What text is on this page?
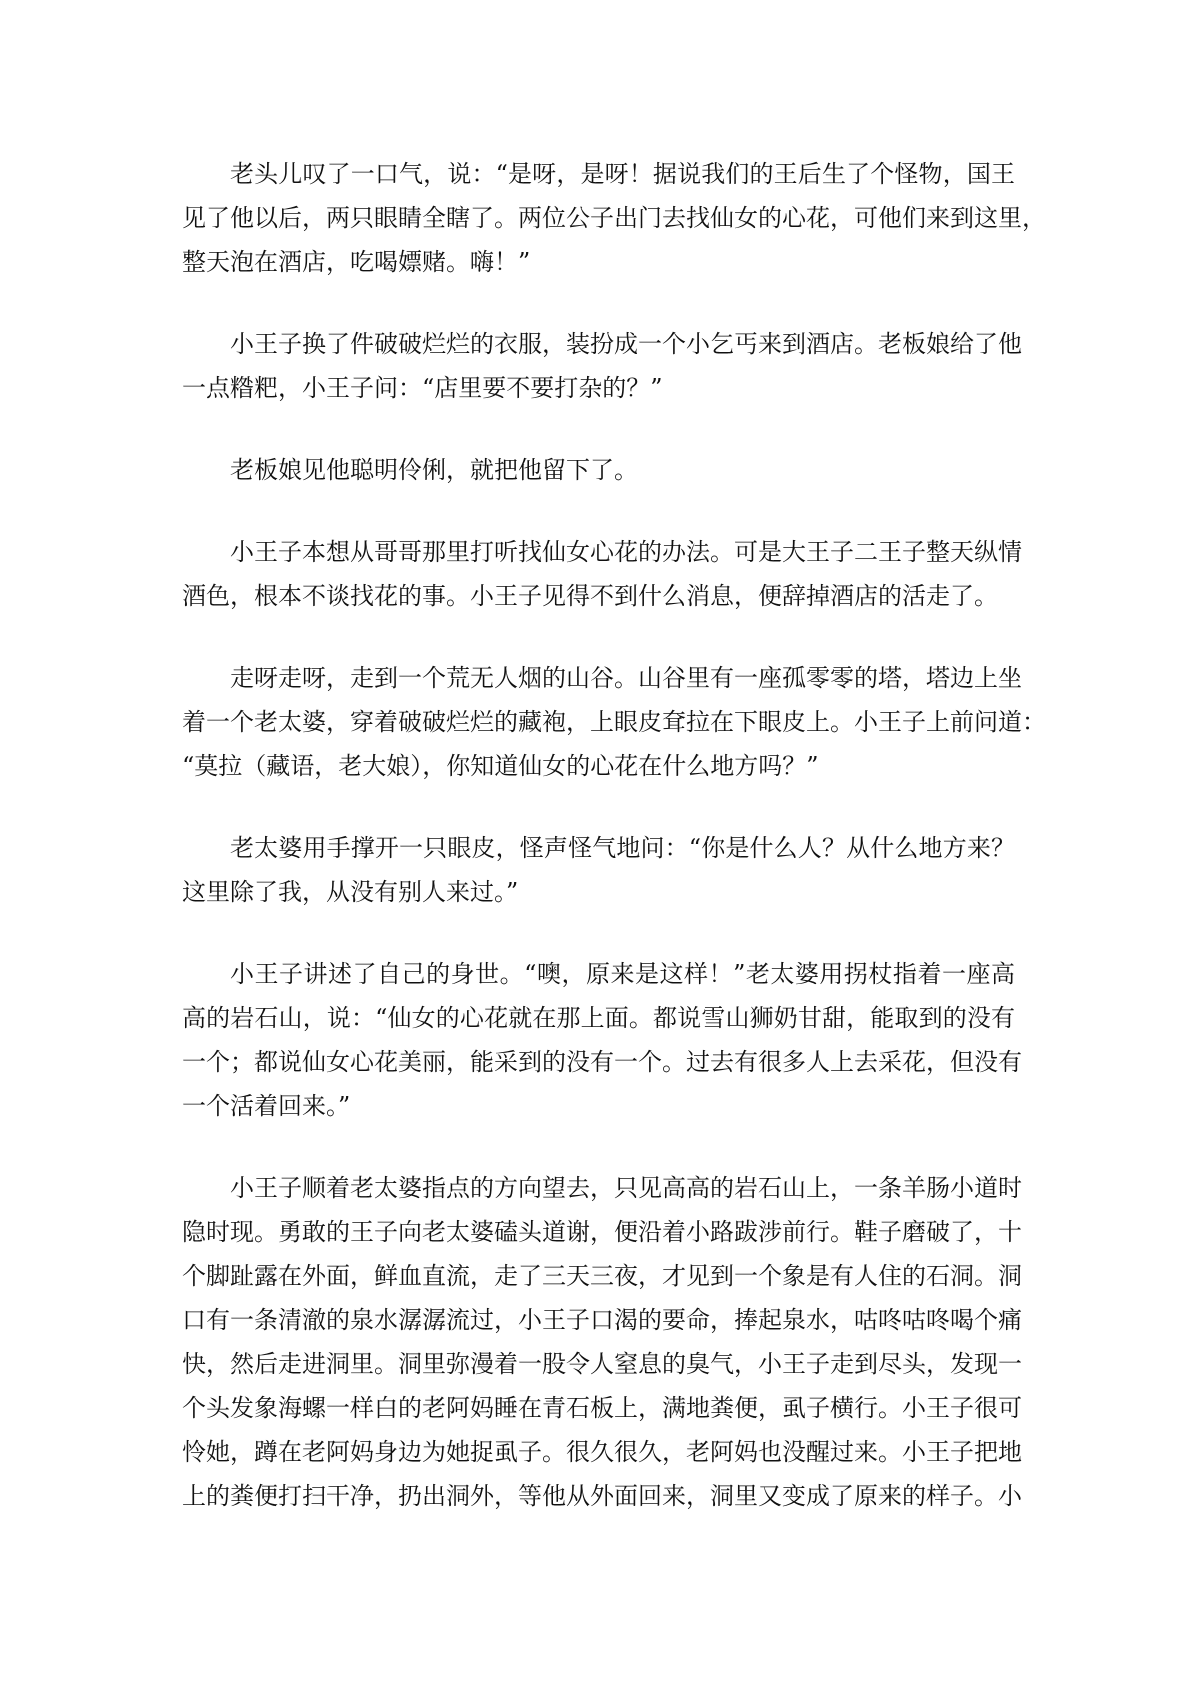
老头儿叹了一口气，说：“是呀，是呀！据说我们的王后生了个怪物，国王
见了他以后，两只眼睛全瞎了。两位公子出门去找仙女的心花，可他们来到这里，
整天泡在酒店，吃喝嫖赌。嗨！”
小王子换了件破破烂烂的衣服，装扮成一个小乞丐来到酒店。老板娘给了他
一点糌粑，小王子问：“店里要不要打杂的？”
老板娘见他聪明伶俐，就把他留下了。
小王子本想从哥哥那里打听找仙女心花的办法。可是大王子二王子整天纵情
酒色，根本不谈找花的事。小王子见得不到什么消息，便辞掉酒店的活走了。
走呀走呀，走到一个荒无人烟的山谷。山谷里有一座孤零零的塔，塔边上坐
着一个老太婆，穿着破破烂烂的藏袍，上眼皮耷拉在下眼皮上。小王子上前问道：
“莫拉（藏语，老大娘），你知道仙女的心花在什么地方吗？”
老太婆用手撑开一只眼皮，怪声怪气地问：“你是什么人？从什么地方来？
这里除了我，从没有别人来过。”
小王子讲述了自己的身世。“噢，原来是这样！”老太婆用拐杖指着一座高
高的岩石山，说：“仙女的心花就在那上面。都说雪山狮奶甘甜，能取到的没有
一个；都说仙女心花美丽，能采到的没有一个。过去有很多人上去采花，但没有
一个活着回来。”
小王子顺着老太婆指点的方向望去，只见高高的岩石山上，一条羊肠小道时
隐时现。勇敢的王子向老太婆磕头道谢，便沿着小路跋涉前行。鞋子磨破了，十
个脚趾露在外面，鲜血直流，走了三天三夜，才见到一个象是有人住的石洞。洞
口有一条清澈的泉水潺潺流过，小王子口渴的要命，捧起泉水，咕咚咕咚喝个痛
快，然后走进洞里。洞里弥漫着一股令人窒息的臭气，小王子走到尽头，发现一
个头发象海螺一样白的老阿妈睡在青石板上，满地粪便，虱子横行。小王子很可
怜她，蹲在老阿妈身边为她捉虱子。很久很久，老阿妈也没醒过来。小王子把地
上的粪便打扫干净，扔出洞外，等他从外面回来，洞里又变成了原来的样子。小
